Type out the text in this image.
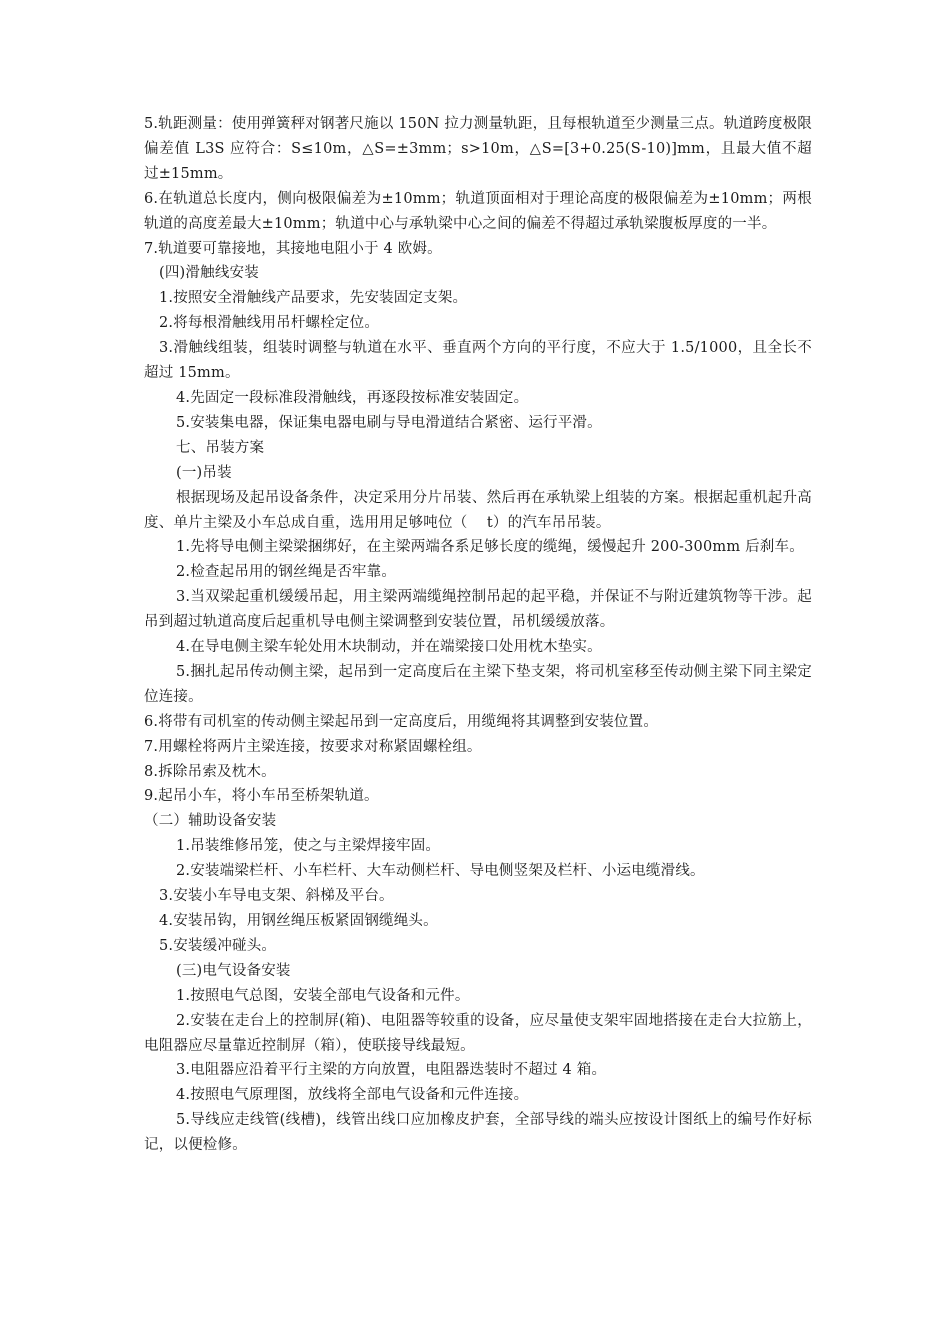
5.轨距测量：使用弹簧秤对钢著尺施以 150N 拉力测量轨距，且每根轨道至少测量三点。轨道跨度极限偏差值 L3S 应符合：S≤10m，△S=±3mm；s>10m，△S=[3+0.25(S-10)]mm，且最大值不超过±15mm。

6.在轨道总长度内，侧向极限偏差为±10mm；轨道顶面相对于理论高度的极限偏差为±10mm；两根轨道的高度差最大±10mm；轨道中心与承轨梁中心之间的偏差不得超过承轨梁腹板厚度的一半。

7.轨道要可靠接地，其接地电阻小于 4 欧姆。

(四)滑触线安装

1.按照安全滑触线产品要求，先安装固定支架。

2.将每根滑触线用吊杆螺栓定位。

3.滑触线组装，组装时调整与轨道在水平、垂直两个方向的平行度，不应大于 1.5/1000，且全长不超过 15mm。

4.先固定一段标准段滑触线，再逐段按标准安装固定。

5.安装集电器，保证集电器电刷与导电滑道结合紧密、运行平滑。

七、吊装方案

(一)吊装

根据现场及起吊设备条件，决定采用分片吊装、然后再在承轨梁上组装的方案。根据起重机起升高度、单片主梁及小车总成自重，选用用足够吨位（　 t）的汽车吊吊装。

1.先将导电侧主梁梁捆绑好，在主梁两端各系足够长度的缆绳，缓慢起升 200-300mm 后刹车。

2.检查起吊用的钢丝绳是否牢靠。

3.当双梁起重机缓缓吊起，用主梁两端缆绳控制吊起的起平稳，并保证不与附近建筑物等干涉。起吊到超过轨道高度后起重机导电侧主梁调整到安装位置，吊机缓缓放落。

4.在导电侧主梁车轮处用木块制动，并在端梁接口处用枕木垫实。

5.捆扎起吊传动侧主梁，起吊到一定高度后在主梁下垫支架，将司机室移至传动侧主梁下同主梁定位连接。

6.将带有司机室的传动侧主梁起吊到一定高度后，用缆绳将其调整到安装位置。

7.用螺栓将两片主梁连接，按要求对称紧固螺栓组。

8.拆除吊索及枕木。

9.起吊小车，将小车吊至桥架轨道。

（二）辅助设备安装

1.吊装维修吊笼，使之与主梁焊接牢固。

2.安装端梁栏杆、小车栏杆、大车动侧栏杆、导电侧竖架及栏杆、小运电缆滑线。

3.安装小车导电支架、斜梯及平台。

4.安装吊钩，用钢丝绳压板紧固钢缆绳头。

5.安装缓冲碰头。

(三)电气设备安装

1.按照电气总图，安装全部电气设备和元件。

2.安装在走台上的控制屏(箱)、电阻器等较重的设备，应尽量使支架牢固地搭接在走台大拉筋上，电阻器应尽量靠近控制屏（箱），使联接导线最短。

3.电阻器应沿着平行主梁的方向放置，电阻器迭装时不超过 4 箱。

4.按照电气原理图，放线将全部电气设备和元件连接。

5.导线应走线管(线槽)，线管出线口应加橡皮护套，全部导线的端头应按设计图纸上的编号作好标记，以便检修。
